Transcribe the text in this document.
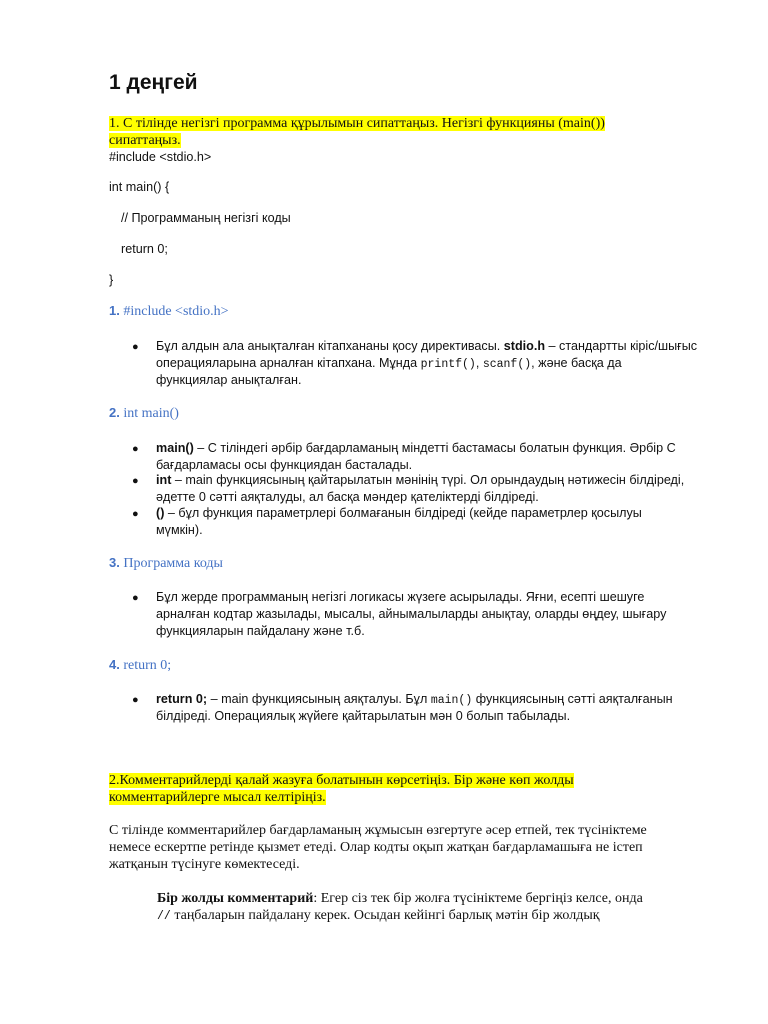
1 деңгей
1. С тілінде негізгі программа құрылымын сипаттаңыз. Негізгі функцияны (main())
сипаттаңыз.
#include <stdio.h>
int main() {
// Программаның негізгі коды
return 0;
}
1. #include <stdio.h>
● Бұл алдын ала анықталған кітапхананы қосу директивасы. stdio.h – стандартты кіріс/шығыс
операцияларына арналған кітапхана. Мұнда printf(), scanf(), және басқа да
функциялар анықталған.
2. int main()
● main() – С тіліндегі әрбір бағдарламаның міндетті бастамасы болатын функция. Әрбір С
бағдарламасы осы функциядан басталады.
● int – main функциясының қайтарылатын мәнінің түрі. Ол орындаудың нәтижесін білдіреді,
әдетте 0 сәтті аяқталуды, ал басқа мәндер қателіктерді білдіреді.
● () – бұл функция параметрлері болмағанын білдіреді (кейде параметрлер қосылуы
мүмкін).
3. Программа коды
● Бұл жерде программаның негізгі логикасы жүзеге асырылады. Яғни, есепті шешуге
арналған кодтар жазылады, мысалы, айнымалыларды анықтау, оларды өңдеу, шығару
функцияларын пайдалану және т.б.
4. return 0;
● return 0; – main функциясының аяқталуы. Бұл main() функциясының сәтті аяқталғанын
білдіреді. Операциялық жүйеге қайтарылатын мән 0 болып табылады.
2.Комментарийлерді қалай жазуға болатынын көрсетіңіз. Бір және көп жолды
комментарийлерге мысал келтіріңіз.
С тілінде комментарийлер бағдарламаның жұмысын өзгертуге әсер етпей, тек түсініктеме
немесе ескертпе ретінде қызмет етеді. Олар кодты оқып жатқан бағдарламашыға не істеп
жатқанын түсінуге көмектеседі.
Бір жолды комментарий: Егер сіз тек бір жолға түсініктеме бергіңіз келсе, онда
// таңбаларын пайдалану керек. Осыдан кейінгі барлық мәтін бір жолдық
